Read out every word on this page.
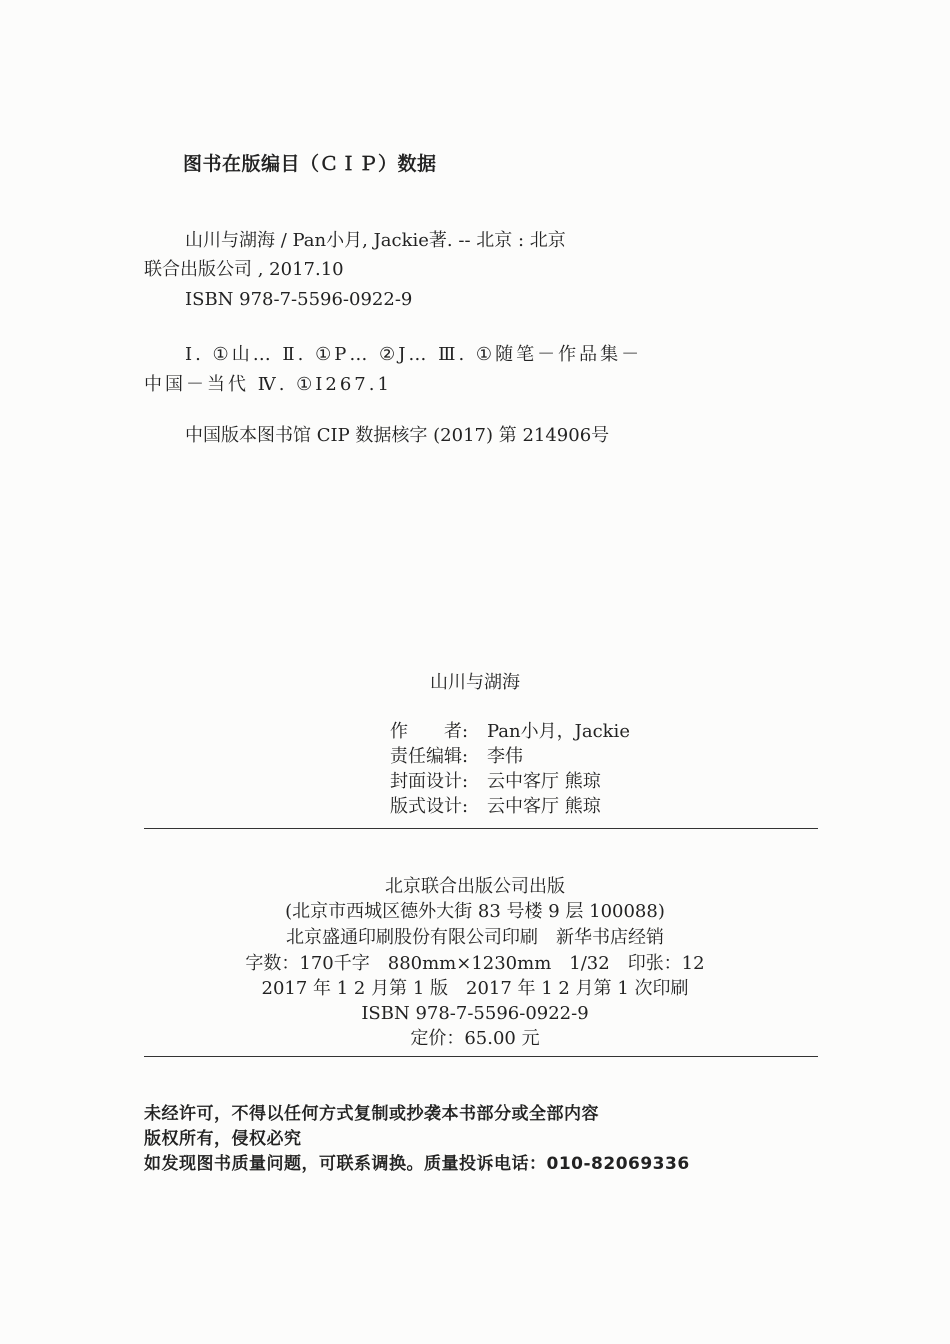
图书在版编目（ＣＩＰ）数据

山川与湖海 / Pan小月, Jackie著. -- 北京 : 北京

联合出版公司 , 2017.10

ISBN 978-7-5596-0922-9

Ⅰ. ①山… Ⅱ. ①P… ②J… Ⅲ. ①随笔－作品集－

中国－当代 Ⅳ. ①I267.1

中国版本图书馆 CIP 数据核字 (2017) 第 214906号

山川与湖海

作　　者: Pan小月，Jackie
责任编辑: 李伟
封面设计: 云中客厅 熊琼
版式设计: 云中客厅 熊琼

北京联合出版公司出版

(北京市西城区德外大街 83 号楼 9 层 100088)

北京盛通印刷股份有限公司印刷　新华书店经销

字数：170千字　880mm×1230mm　1/32　印张：12

2017 年 1 2 月第 1 版　2017 年 1 2 月第 1 次印刷

ISBN 978-7-5596-0922-9

定价：65.00 元

未经许可，不得以任何方式复制或抄袭本书部分或全部内容

版权所有，侵权必究

如发现图书质量问题，可联系调换。质量投诉电话：010-82069336
